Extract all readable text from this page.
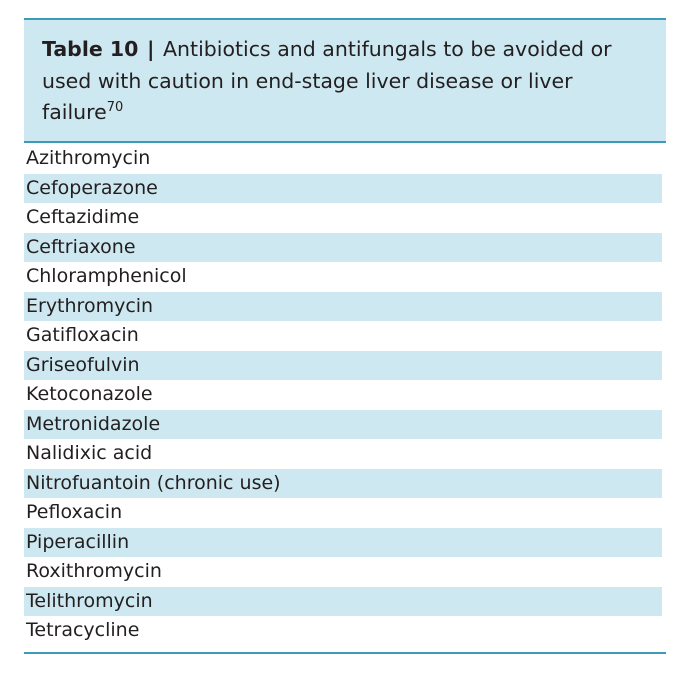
Table 10 | Antibiotics and antifungals to be avoided or used with caution in end-stage liver disease or liver failure$^{70}$
Azithromycin
Cefoperazone
Ceftazidime
Ceftriaxone
Chloramphenicol
Erythromycin
Gatifloxacin
Griseofulvin
Ketoconazole
Metronidazole
Nalidixic acid
Nitrofuantoin (chronic use)
Pefloxacin
Piperacillin
Roxithromycin
Telithromycin
Tetracycline
